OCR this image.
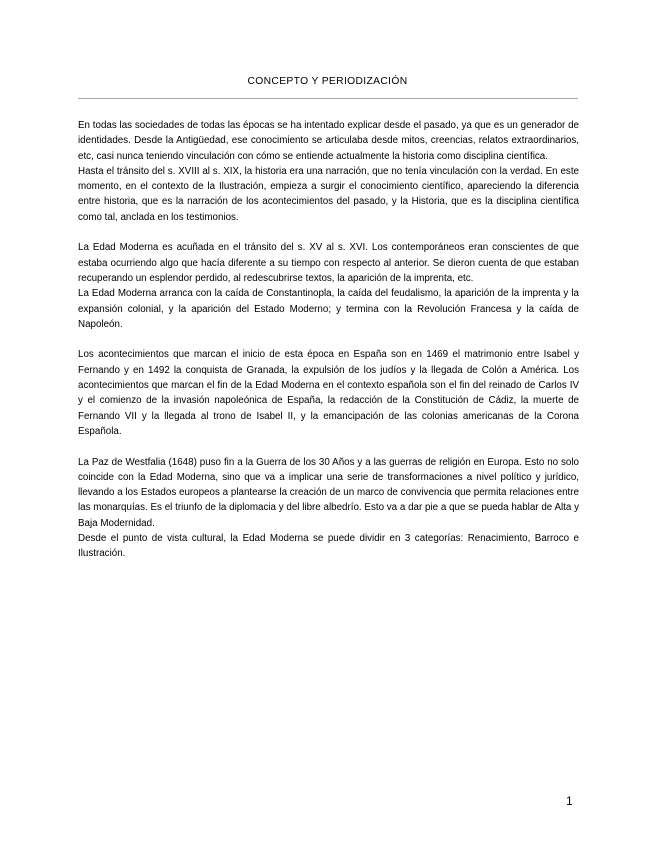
CONCEPTO Y PERIODIZACIÓN

En todas las sociedades de todas las épocas se ha intentado explicar desde el pasado, ya que es un generador de identidades. Desde la Antigüedad, ese conocimiento se articulaba desde mitos, creencias, relatos extraordinarios, etc, casi nunca teniendo vinculación con cómo se entiende actualmente la historia como disciplina científica.

Hasta el tránsito del s. XVIII al s. XIX, la historia era una narración, que no tenía vinculación con la verdad. En este momento, en el contexto de la Ilustración, empieza a surgir el conocimiento científico, apareciendo la diferencia entre historia, que es la narración de los acontecimientos del pasado, y la Historia, que es la disciplina científica como tal, anclada en los testimonios.

La Edad Moderna es acuñada en el tránsito del s. XV al s. XVI. Los contemporáneos eran conscientes de que estaba ocurriendo algo que hacía diferente a su tiempo con respecto al anterior. Se dieron cuenta de que estaban recuperando un esplendor perdido, al redescubrirse textos, la aparición de la imprenta, etc.

La Edad Moderna arranca con la caída de Constantinopla, la caída del feudalismo, la aparición de la imprenta y la expansión colonial, y la aparición del Estado Moderno; y termina con la Revolución Francesa y la caída de Napoleón.

Los acontecimientos que marcan el inicio de esta época en España son en 1469 el matrimonio entre Isabel y Fernando y en 1492 la conquista de Granada, la expulsión de los judíos y la llegada de Colón a América. Los acontecimientos que marcan el fin de la Edad Moderna en el contexto española son el fin del reinado de Carlos IV y el comienzo de la invasión napoleónica de España, la redacción de la Constitución de Cádiz, la muerte de Fernando VII y la llegada al trono de Isabel II, y la emancipación de las colonias americanas de la Corona Española.

La Paz de Westfalia (1648) puso fin a la Guerra de los 30 Años y a las guerras de religión en Europa. Esto no solo coincide con la Edad Moderna, sino que va a implicar una serie de transformaciones a nivel político y jurídico, llevando a los Estados europeos a plantearse la creación de un marco de convivencia que permita relaciones entre las monarquías. Es el triunfo de la diplomacia y del libre albedrío. Esto va a dar pie a que se pueda hablar de Alta y Baja Modernidad.

Desde el punto de vista cultural, la Edad Moderna se puede dividir en 3 categorías: Renacimiento, Barroco e Ilustración.

1
